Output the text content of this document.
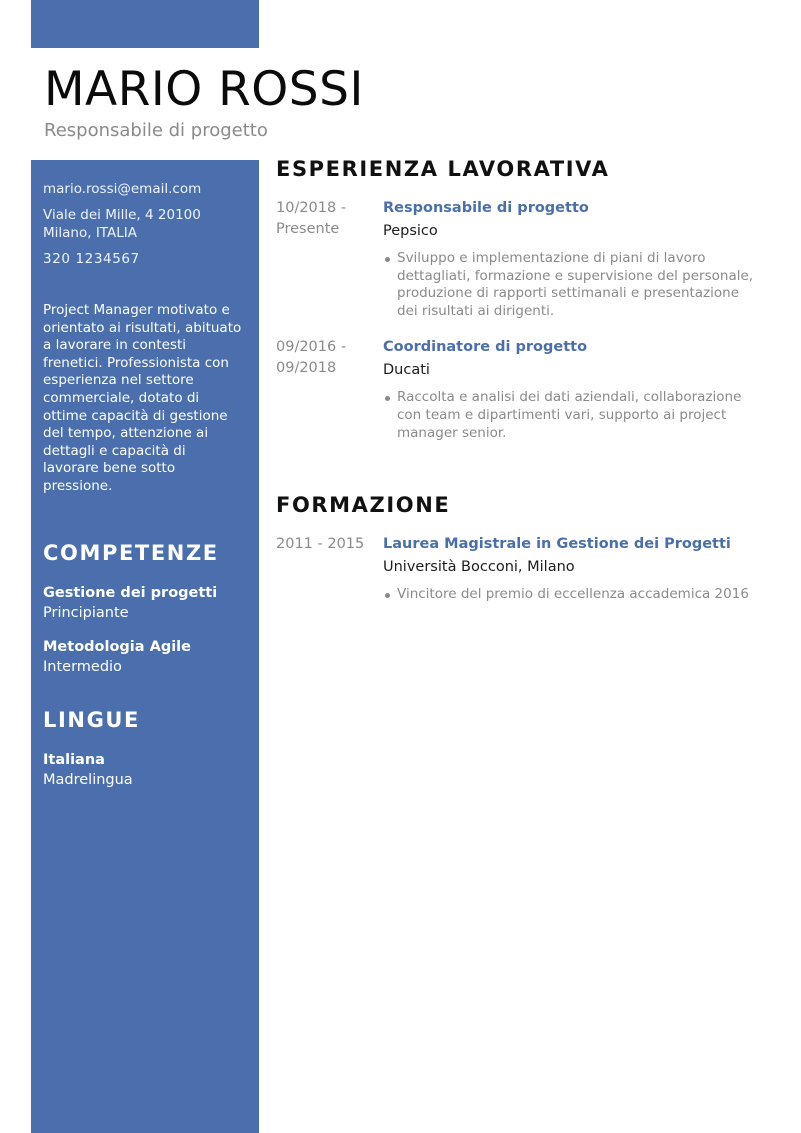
MARIO ROSSI
Responsabile di progetto
mario.rossi@email.com
Viale dei Mille, 4 20100
Milano, ITALIA
320 1234567
Project Manager motivato e
orientato ai risultati, abituato
a lavorare in contesti
frenetici. Professionista con
esperienza nel settore
commerciale, dotato di
ottime capacità di gestione
del tempo, attenzione ai
dettagli e capacità di
lavorare bene sotto
pressione.
COMPETENZE
Gestione dei progetti
Principiante
Metodologia Agile
Intermedio
LINGUE
Italiana
Madrelingua
ESPERIENZA LAVORATIVA
10/2018 -
Presente
Responsabile di progetto
Pepsico
Sviluppo e implementazione di piani di lavoro
dettagliati, formazione e supervisione del personale,
produzione di rapporti settimanali e presentazione
dei risultati ai dirigenti.
09/2016 -
09/2018
Coordinatore di progetto
Ducati
Raccolta e analisi dei dati aziendali, collaborazione
con team e dipartimenti vari, supporto ai project
manager senior.
FORMAZIONE
2011 - 2015	Laurea Magistrale in Gestione dei Progetti
Università Bocconi, Milano
Vincitore del premio di eccellenza accademica 2016
